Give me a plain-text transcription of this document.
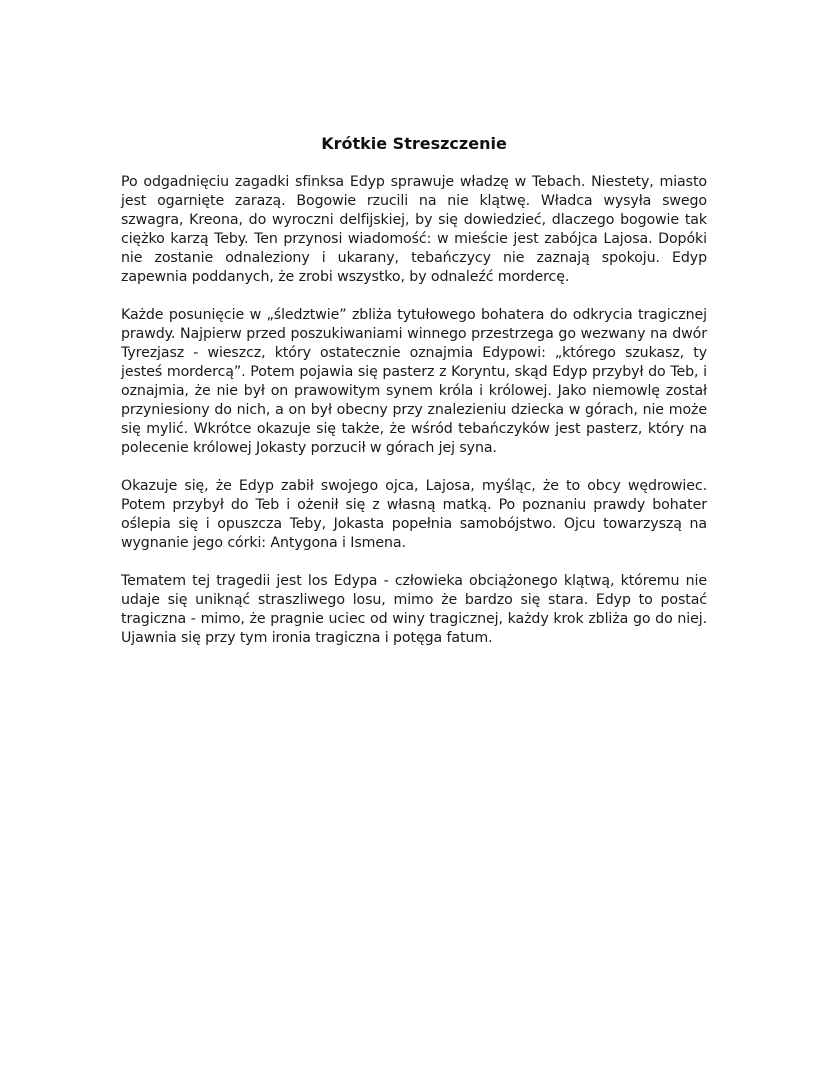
Krótkie Streszczenie

Po odgadnięciu zagadki sfinksa Edyp sprawuje władzę w Tebach. Niestety, miasto jest ogarnięte zarazą. Bogowie rzucili na nie klątwę. Władca wysyła swego szwagra, Kreona, do wyroczni delfijskiej, by się dowiedzieć, dlaczego bogowie tak ciężko karzą Teby. Ten przynosi wiadomość: w mieście jest zabójca Lajosa. Dopóki nie zostanie odnaleziony i ukarany, tebańczycy nie zaznają spokoju. Edyp zapewnia poddanych, że zrobi wszystko, by odnaleźć mordercę.

Każde posunięcie w „śledztwie” zbliża tytułowego bohatera do odkrycia tragicznej prawdy. Najpierw przed poszukiwaniami winnego przestrzega go wezwany na dwór Tyrezjasz - wieszcz, który ostatecznie oznajmia Edypowi: „którego szukasz, ty jesteś mordercą”. Potem pojawia się pasterz z Koryntu, skąd Edyp przybył do Teb, i oznajmia, że nie był on prawowitym synem króla i królowej. Jako niemowlę został przyniesiony do nich, a on był obecny przy znalezieniu dziecka w górach, nie może się mylić. Wkrótce okazuje się także, że wśród tebańczyków jest pasterz, który na polecenie królowej Jokasty porzucił w górach jej syna.

Okazuje się, że Edyp zabił swojego ojca, Lajosa, myśląc, że to obcy wędrowiec. Potem przybył do Teb i ożenił się z własną matką. Po poznaniu prawdy bohater oślepia się i opuszcza Teby, Jokasta popełnia samobójstwo. Ojcu towarzyszą na wygnanie jego córki: Antygona i Ismena.

Tematem tej tragedii jest los Edypa - człowieka obciążonego klątwą, któremu nie udaje się uniknąć straszliwego losu, mimo że bardzo się stara. Edyp to postać tragiczna - mimo, że pragnie uciec od winy tragicznej, każdy krok zbliża go do niej. Ujawnia się przy tym ironia tragiczna i potęga fatum.
